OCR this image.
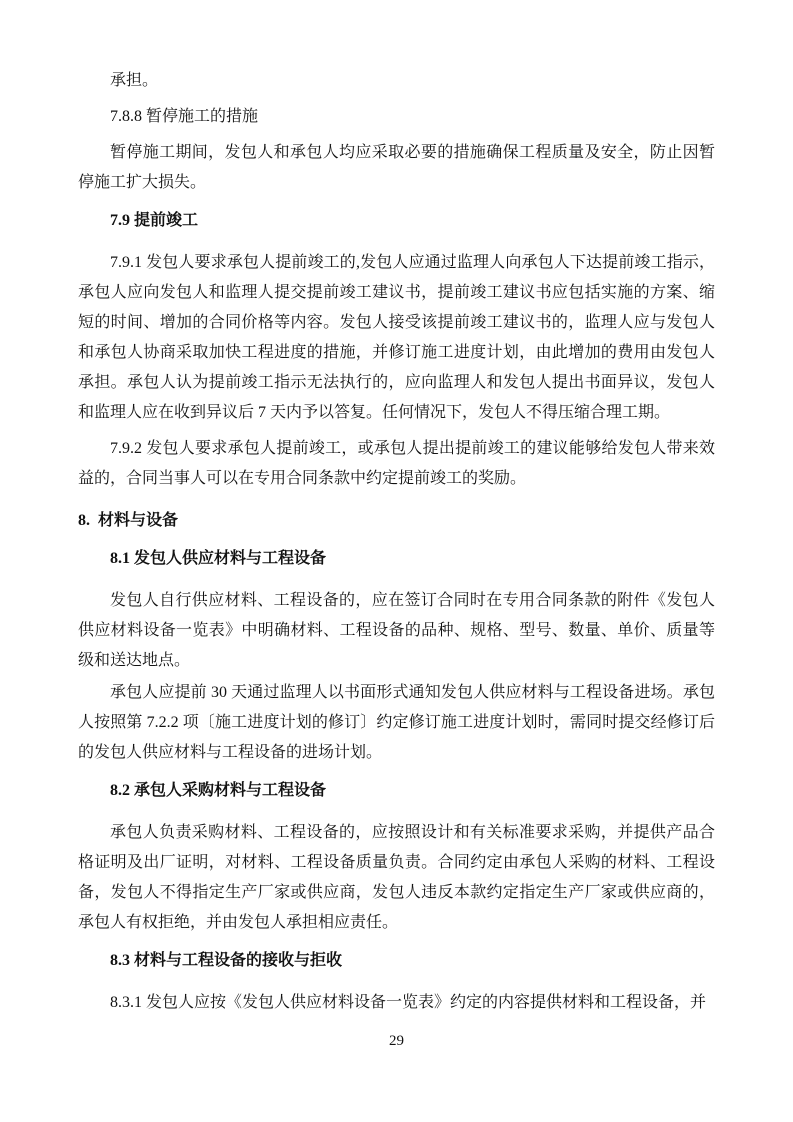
承担。

7.8.8 暂停施工的措施

暂停施工期间，发包人和承包人均应采取必要的措施确保工程质量及安全，防止因暂停施工扩大损失。

7.9 提前竣工

7.9.1 发包人要求承包人提前竣工的,发包人应通过监理人向承包人下达提前竣工指示，承包人应向发包人和监理人提交提前竣工建议书，提前竣工建议书应包括实施的方案、缩短的时间、增加的合同价格等内容。发包人接受该提前竣工建议书的，监理人应与发包人和承包人协商采取加快工程进度的措施，并修订施工进度计划，由此增加的费用由发包人承担。承包人认为提前竣工指示无法执行的，应向监理人和发包人提出书面异议，发包人和监理人应在收到异议后 7 天内予以答复。任何情况下，发包人不得压缩合理工期。

7.9.2 发包人要求承包人提前竣工，或承包人提出提前竣工的建议能够给发包人带来效益的，合同当事人可以在专用合同条款中约定提前竣工的奖励。

8.  材料与设备

8.1 发包人供应材料与工程设备

发包人自行供应材料、工程设备的，应在签订合同时在专用合同条款的附件《发包人供应材料设备一览表》中明确材料、工程设备的品种、规格、型号、数量、单价、质量等级和送达地点。

承包人应提前 30 天通过监理人以书面形式通知发包人供应材料与工程设备进场。承包人按照第 7.2.2 项〔施工进度计划的修订〕约定修订施工进度计划时，需同时提交经修订后的发包人供应材料与工程设备的进场计划。

8.2 承包人采购材料与工程设备

承包人负责采购材料、工程设备的，应按照设计和有关标准要求采购，并提供产品合格证明及出厂证明，对材料、工程设备质量负责。合同约定由承包人采购的材料、工程设备，发包人不得指定生产厂家或供应商，发包人违反本款约定指定生产厂家或供应商的，承包人有权拒绝，并由发包人承担相应责任。

8.3 材料与工程设备的接收与拒收

8.3.1 发包人应按《发包人供应材料设备一览表》约定的内容提供材料和工程设备，并

29
